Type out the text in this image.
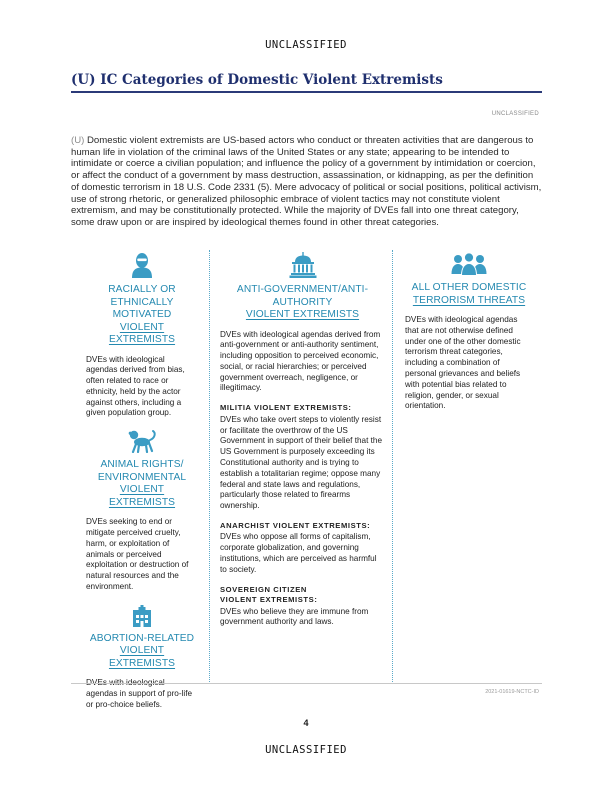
UNCLASSIFIED
(U) IC Categories of Domestic Violent Extremists
UNCLASSIFIED

(U) Domestic violent extremists are US-based actors who conduct or threaten activities that are dangerous to human life in violation of the criminal laws of the United States or any state; appearing to be intended to intimidate or coerce a civilian population; and influence the policy of a government by intimidation or coercion, or affect the conduct of a government by mass destruction, assassination, or kidnapping, as per the definition of domestic terrorism in 18 U.S. Code 2331 (5). Mere advocacy of political or social positions, political activism, use of strong rhetoric, or generalized philosophic embrace of violent tactics may not constitute violent extremism, and may be constitutionally protected. While the majority of DVEs fall into one threat category, some draw upon or are inspired by ideological themes found in other threat categories.

RACIALLY OR
ETHNICALLY MOTIVATED
VIOLENT EXTREMISTS

DVEs with ideological agendas derived from bias, often related to race or ethnicity, held by the actor against others, including a given population group.

ANIMAL RIGHTS/
ENVIRONMENTAL
VIOLENT EXTREMISTS

DVEs seeking to end or mitigate perceived cruelty, harm, or exploitation of animals or perceived exploitation or destruction of natural resources and the environment.

ABORTION-RELATED
VIOLENT EXTREMISTS

agendas in support of pro-life or pro-choice beliefs.

ANTI-GOVERNMENT/ANTI-AUTHORITY
VIOLENT EXTREMISTS

DVEs with ideological agendas derived from anti-government or anti-authority sentiment, including opposition to perceived economic, social, or racial hierarchies; or perceived government overreach, negligence, or illegitimacy.

MILITIA VIOLENT EXTREMISTS:

DVEs who take overt steps to violently resist or facilitate the overthrow of the US Government in support of their belief that the US Government is purposely exceeding its Constitutional authority and is trying to establish a totalitarian regime; oppose many federal and state laws and regulations, particularly those related to firearms ownership.

ANARCHIST VIOLENT EXTREMISTS:

DVEs who oppose all forms of capitalism, corporate globalization, and governing institutions, which are perceived as harmful to society.

SOVEREIGN CITIZEN
VIOLENT EXTREMISTS:

DVEs who believe they are immune from government authority and laws.

ALL OTHER DOMESTIC
TERRORISM THREATS

DVEs with ideological agendas that are not otherwise defined under one of the other domestic terrorism threat categories, including a combination of personal grievances and beliefs with potential bias related to religion, gender, or sexual orientation.

2021-01619-NCTC-ID
4
UNCLASSIFIED
